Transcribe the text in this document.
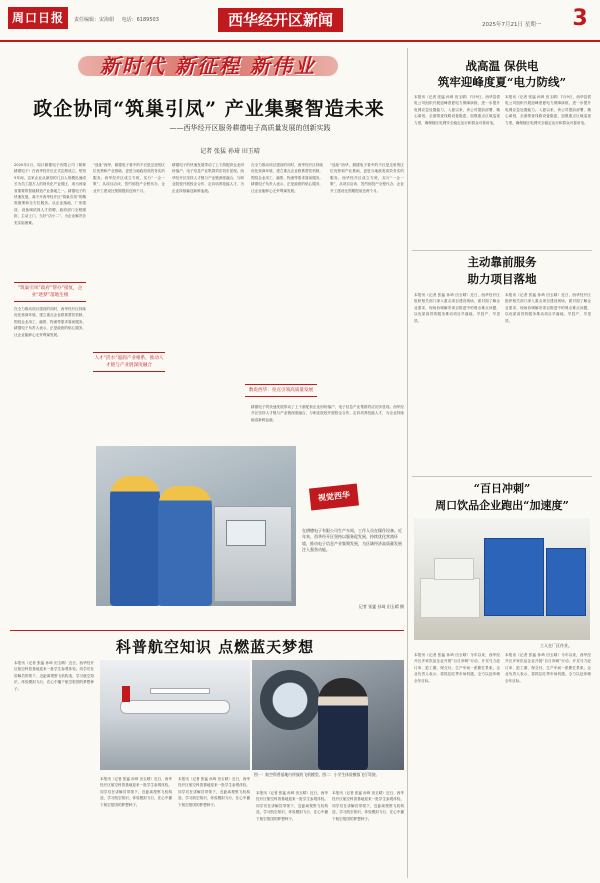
周口日报	责任编辑：宋海娟 电话：6189503	西华经开区新闻	2025年7月21日 星期一 3
新时代 新征程 新伟业
政企协同“筑巢引凤” 产业集聚智造未来
——西华经开区服务耕德电子高质量发展的创新实践
记者 张猛 孙琦 田玉晴
2020年2月，周口耕德电子有限公司（简称耕德电子）在西华经开区正式注册成立。短短5年间，这家企业从最初的几百人规模迅速成长为员工超万人的现代化产业园区，成为河南省重要的智能制造产业基地之一。耕德电子的快速发展，离不开西华经开区“筑巢引凤”的精准施策和全方位服务。从企业落地、厂房建设、设备调试到人才招聘，政府部门全程跟踪，主动上门，当好“店小二”，为企业解决各类实际困难。
“筑巢引凤”政府“帮办”接复，企业“逐梦”落地生根
在全力推动项目建设的同时，西华经开区持续优化营商环境，建立重点企业联系帮扶机制，围绕企业用工、融资、物流等需求靠前服务。耕德电子负责人表示，正是政府的贴心服务，让企业能够心无旁骛谋发展。
“选址”西华，耕德电子看中的不仅是这里的区位优势和产业基础，更是当地政府高效务实的服务。西华经开区成立专班，实行“一企一策”，从项目洽谈、签约到投产全程代办，企业开工建设比预期提前近两个月。
人才“活水”滋润产业根系，推动人才链与产业链深度融合
耕德电子的快速发展带动了上下游配套企业纷纷落户，电子信息产业集群效应初步显现。西华经开区坚持人才链与产业链深度融合，与职业院校开展校企合作，定向培养技能人才，为企业持续输送新鲜血液。
数说西华：亮点引领高质量发展
在全力推动项目建设的同时，西华经开区持续优化营商环境，建立重点企业联系帮扶机制，围绕企业用工、融资、物流等需求靠前服务。耕德电子负责人表示，正是政府的贴心服务，让企业能够心无旁骛谋发展。
“选址”西华，耕德电子看中的不仅是这里的区位优势和产业基础，更是当地政府高效务实的服务。西华经开区成立专班，实行“一企一策”，从项目洽谈、签约到投产全程代办，企业开工建设比预期提前近两个月。
耕德电子的快速发展带动了上下游配套企业纷纷落户，电子信息产业集群效应初步显现。西华经开区坚持人才链与产业链深度融合，与职业院校开展校企合作，定向培养技能人才，为企业持续输送新鲜血液。
视觉西华
在耕德电子有限公司生产车间，工作人员在操作设备。近年来，西华经开区坚持以服务促发展，持续优化营商环境，推动电子信息产业集聚发展，为区域经济高质量发展注入强劲动能。
记者 张猛 孙琦 田玉晴 摄
战高温 保供电
筑牢迎峰度夏“电力防线”
本报讯（记者 张猛 孙琦 田玉晴）7月9日，西华县供电公司组织开展迎峰度夏电力保障演练，进一步提升电网应急处置能力。入夏以来，该公司提前部署、精心谋划，全面排查线路设备隐患，加强重点区域巡视力度，确保辖区电网安全稳定运行和群众可靠用电。
本报讯（记者 张猛 孙琦 田玉晴）7月9日，西华县供电公司组织开展迎峰度夏电力保障演练，进一步提升电网应急处置能力。入夏以来，该公司提前部署、精心谋划，全面排查线路设备隐患，加强重点区域巡视力度，确保辖区电网安全稳定运行和群众可靠用电。
主动靠前服务
助力项目落地
本报讯（记者 张猛 孙琦 田玉晴）近日，西华经开区组织相关部门深入重点项目建设现场，面对面了解企业需求，现场协调解决项目推进中的堵点难点问题，以优质高效的服务推动项目早落地、早投产、早见效。
本报讯（记者 张猛 孙琦 田玉晴）近日，西华经开区组织相关部门深入重点项目建设现场，面对面了解企业需求，现场协调解决项目推进中的堵点难点问题，以优质高效的服务推动项目早落地、早投产、早见效。
“百日冲刺”
周口饮品企业跑出“加速度”
工人在厂区作业。
本报讯（记者 张猛 孙琦 田玉晴）今年以来，西华经开区多家饮品企业开展“百日冲刺”行动，开足马力赶订单、抢工期、保交付，生产车间一派繁忙景象。企业负责人表示，将抓住旺季市场机遇，全力以赴冲刺全年目标。
本报讯（记者 张猛 孙琦 田玉晴）今年以来，西华经开区多家饮品企业开展“百日冲刺”行动，开足马力赶订单、抢工期、保交付，生产车间一派繁忙景象。企业负责人表示，将抓住旺季市场机遇，全力以赴冲刺全年目标。
科普航空知识 点燃蓝天梦想
本报讯（记者 张猛 孙琦 田玉晴）近日，西华经开区航空科普基地迎来一批学生参观体验。同学们在讲解员带领下，近距离观察飞机构造，学习航空知识，体验模拟飞行，在心中播下航空报国的梦想种子。
图一：航空科普基地内停放的飞机模型。图二：小学生体验模拟飞行驾驶。
本报讯（记者 张猛 孙琦 田玉晴）近日，西华经开区航空科普基地迎来一批学生参观体验。同学们在讲解员带领下，近距离观察飞机构造，学习航空知识，体验模拟飞行，在心中播下航空报国的梦想种子。
本报讯（记者 张猛 孙琦 田玉晴）近日，西华经开区航空科普基地迎来一批学生参观体验。同学们在讲解员带领下，近距离观察飞机构造，学习航空知识，体验模拟飞行，在心中播下航空报国的梦想种子。
本报讯（记者 张猛 孙琦 田玉晴）近日，西华经开区航空科普基地迎来一批学生参观体验。同学们在讲解员带领下，近距离观察飞机构造，学习航空知识，体验模拟飞行，在心中播下航空报国的梦想种子。
本报讯（记者 张猛 孙琦 田玉晴）近日，西华经开区航空科普基地迎来一批学生参观体验。同学们在讲解员带领下，近距离观察飞机构造，学习航空知识，体验模拟飞行，在心中播下航空报国的梦想种子。
